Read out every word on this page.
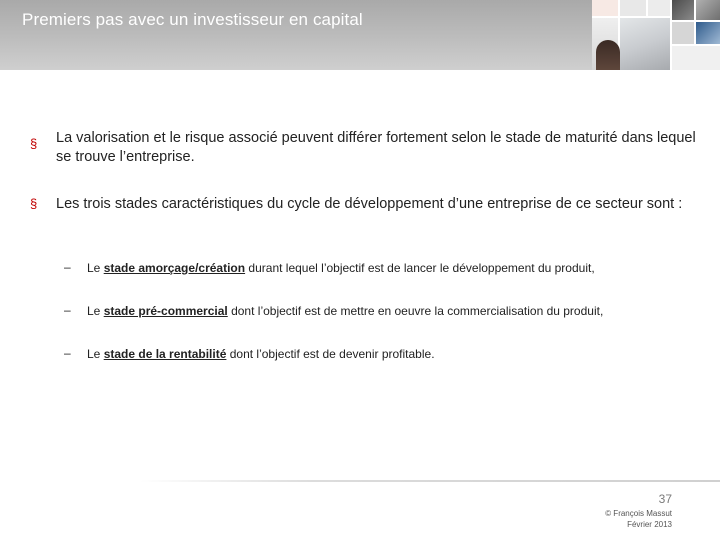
Premiers pas avec un investisseur en capital
§ La valorisation et le risque associé peuvent différer fortement selon le stade de maturité dans lequel se trouve l’entreprise.
§ Les trois stades caractéristiques du cycle de développement d’une entreprise de ce secteur sont :
– Le stade amorçage/création durant lequel l’objectif est de lancer le développement du produit,
– Le stade pré-commercial dont l’objectif est de mettre en oeuvre la commercialisation du produit,
– Le stade de la rentabilité dont l’objectif est de devenir profitable.
37
© François Massut
Février 2013
